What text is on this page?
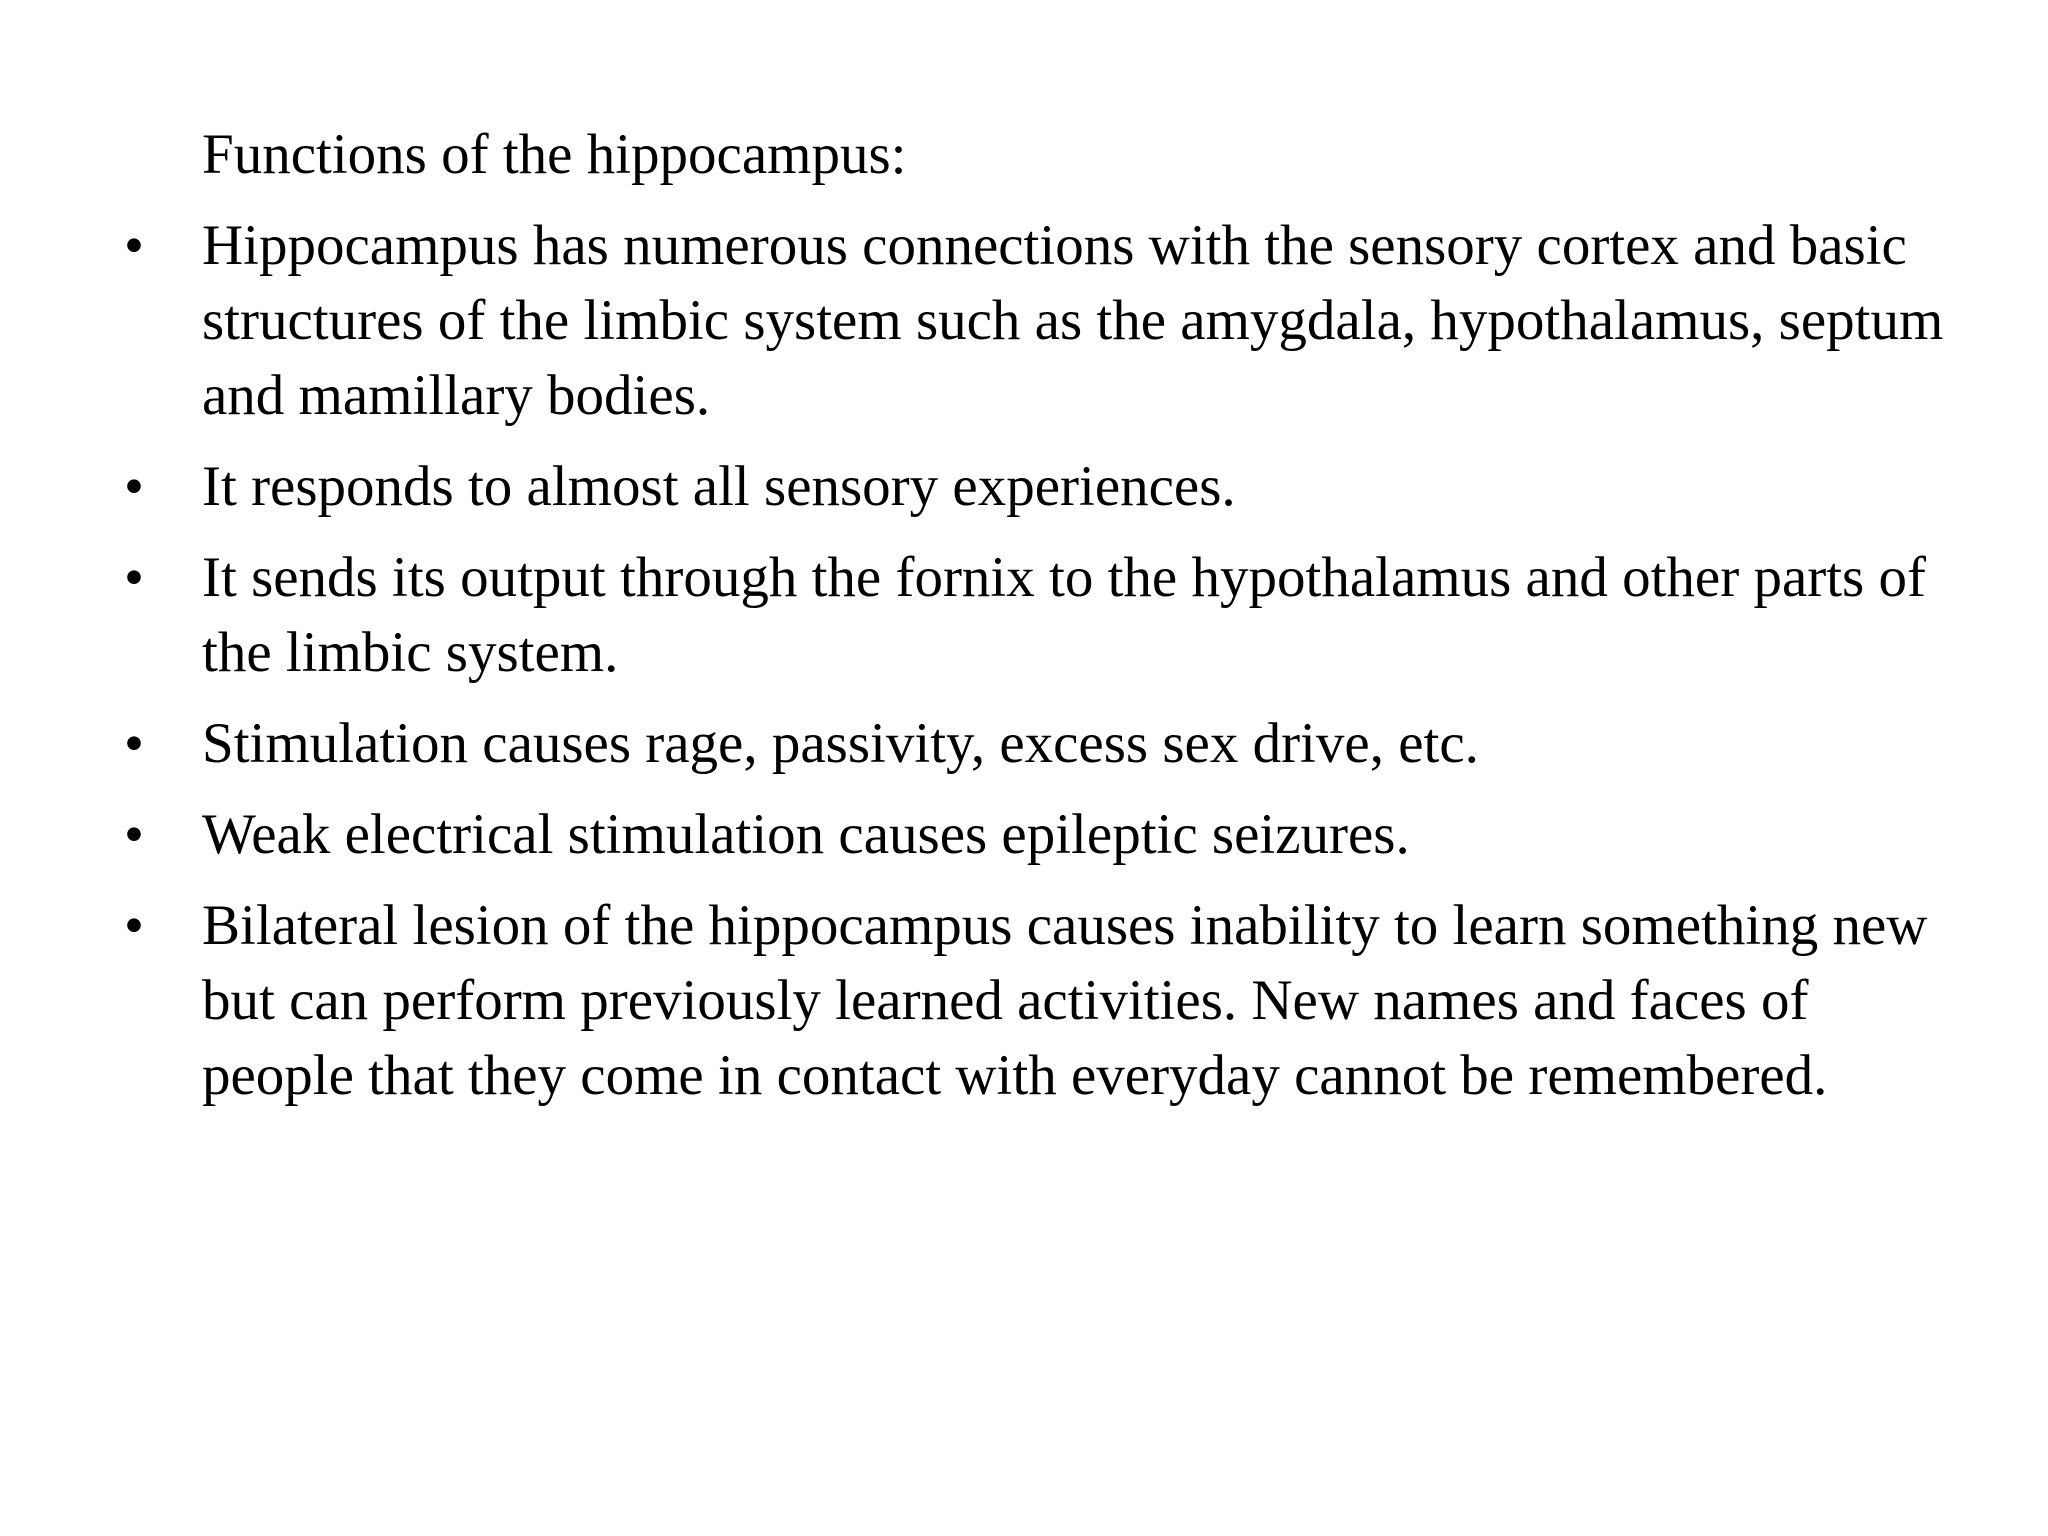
Functions of the hippocampus:

•	Hippocampus has numerous connections with the sensory cortex and basic structures of the limbic system such as the amygdala, hypothalamus, septum and mamillary bodies.
•	It responds to almost all sensory experiences.
•	It sends its output through the fornix to the hypothalamus and other parts of the limbic system.
•	Stimulation causes rage, passivity, excess sex drive, etc.
•	Weak electrical stimulation causes epileptic seizures.
•	Bilateral lesion of the hippocampus causes inability to learn something new but can perform previously learned activities. New names and faces of people that they come in contact with everyday cannot be remembered.
